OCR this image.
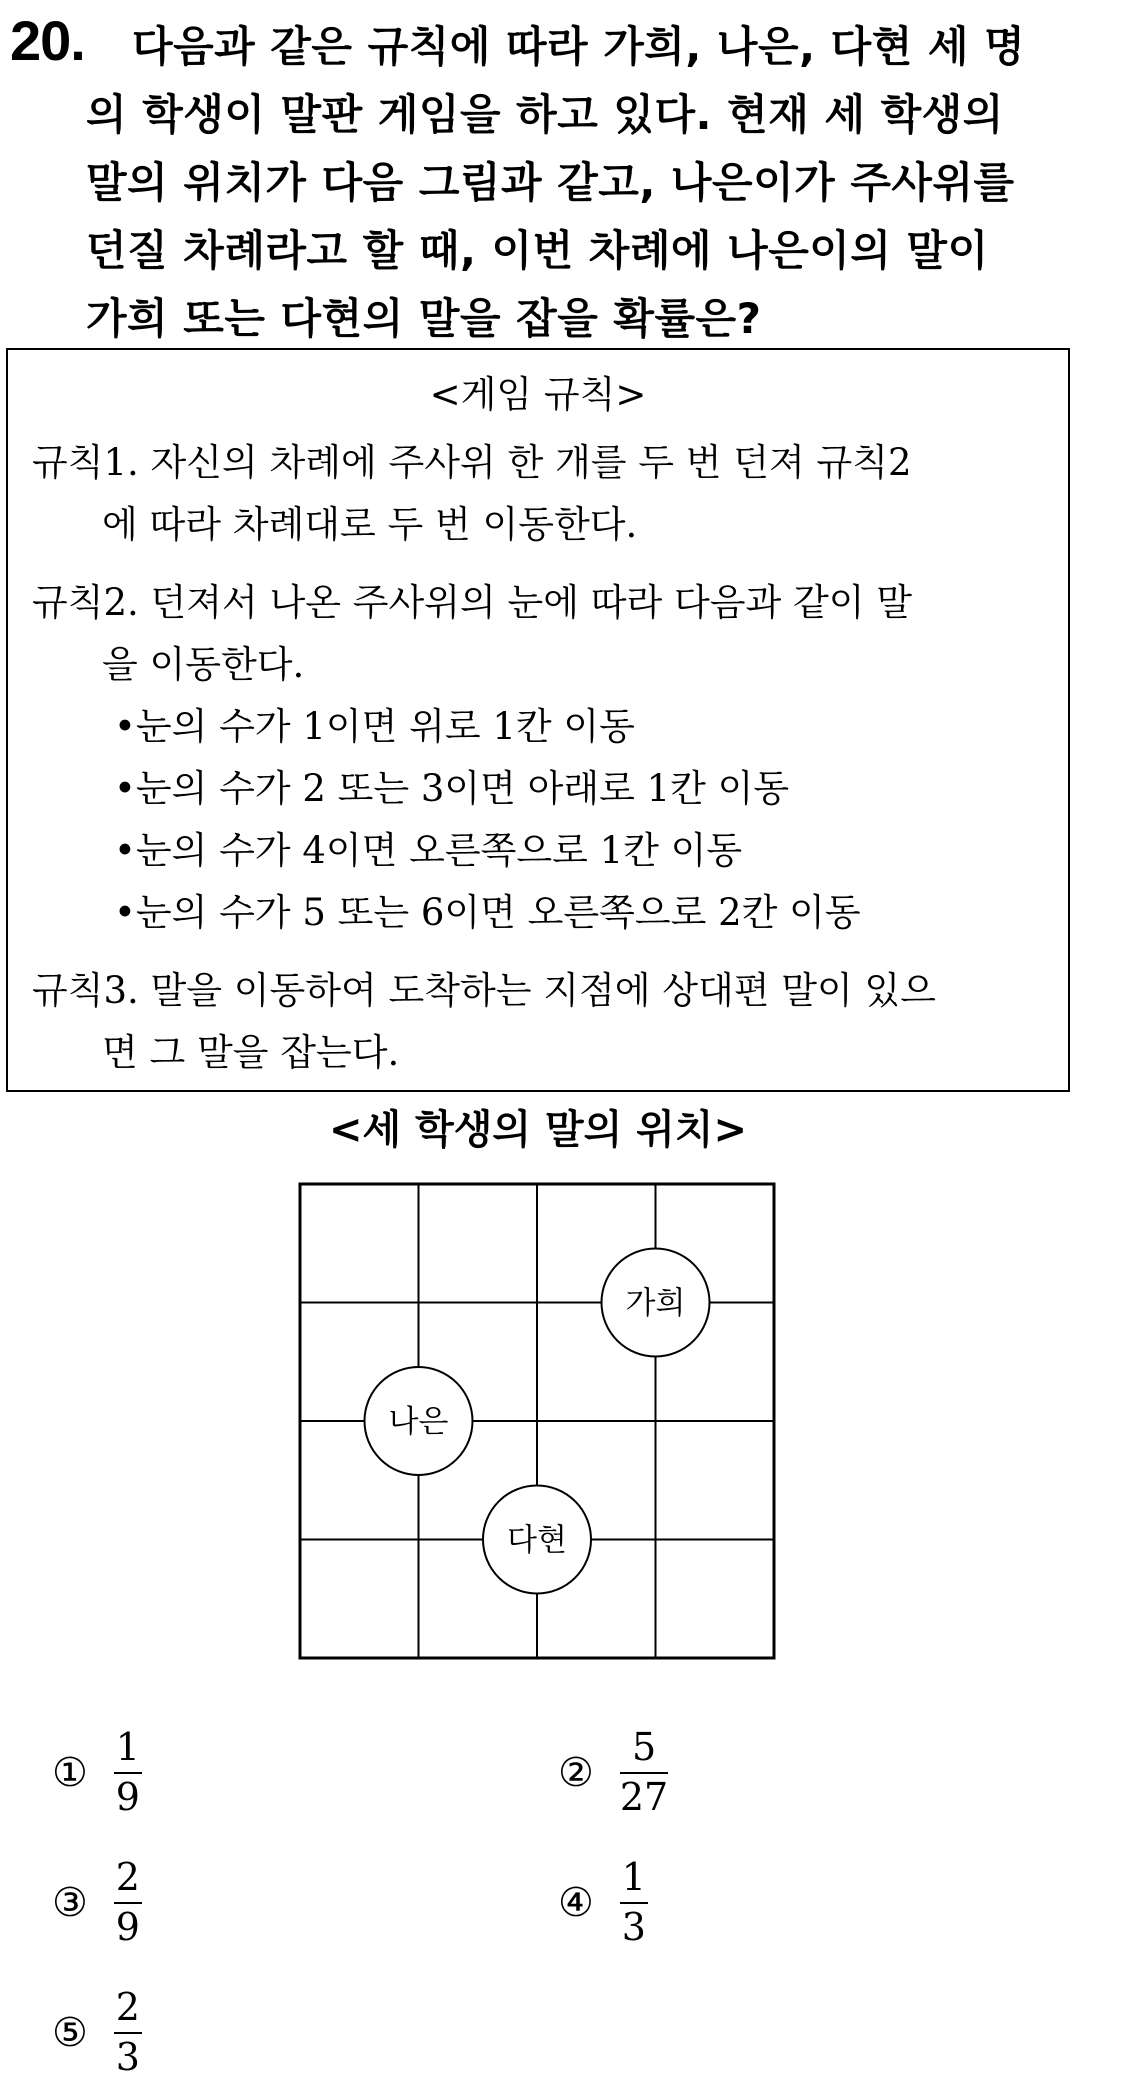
20. 다음과 같은 규칙에 따라 가희, 나은, 다현 세 명
의 학생이 말판 게임을 하고 있다. 현재 세 학생의
말의 위치가 다음 그림과 같고, 나은이가 주사위를
던질 차례라고 할 때, 이번 차례에 나은이의 말이
가희 또는 다현의 말을 잡을 확률은?
<게임 규칙>
규칙1. 자신의 차례에 주사위 한 개를 두 번 던져 규칙2
에 따라 차례대로 두 번 이동한다.
규칙2. 던져서 나온 주사위의 눈에 따라 다음과 같이 말
을 이동한다.
•눈의 수가 1이면 위로 1칸 이동
•눈의 수가 2 또는 3이면 아래로 1칸 이동
•눈의 수가 4이면 오른쪽으로 1칸 이동
•눈의 수가 5 또는 6이면 오른쪽으로 2칸 이동
규칙3. 말을 이동하여 도착하는 지점에 상대편 말이 있으
면 그 말을 잡는다.
<세 학생의 말의 위치>
가희
나은
다현
① $\frac{1}{9}$	② $\frac{5}{27}$
③ $\frac{2}{9}$	④ $\frac{1}{3}$
⑤ $\frac{2}{3}$
